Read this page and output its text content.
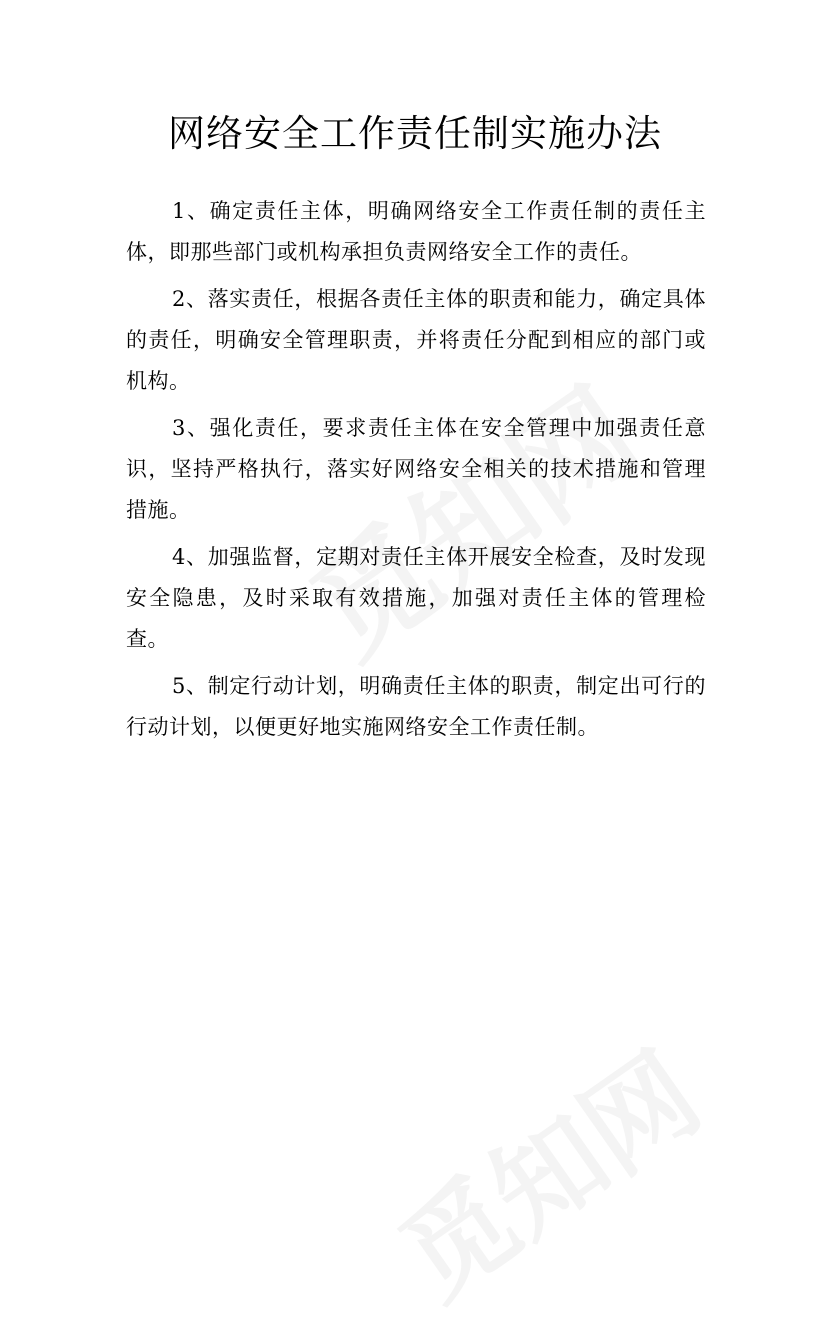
网络安全工作责任制实施办法

1、确定责任主体，明确网络安全工作责任制的责任主体，即那些部门或机构承担负责网络安全工作的责任。

2、落实责任，根据各责任主体的职责和能力，确定具体的责任，明确安全管理职责，并将责任分配到相应的部门或机构。

3、强化责任，要求责任主体在安全管理中加强责任意识，坚持严格执行，落实好网络安全相关的技术措施和管理措施。

4、加强监督，定期对责任主体开展安全检查，及时发现安全隐患，及时采取有效措施，加强对责任主体的管理检查。

5、制定行动计划，明确责任主体的职责，制定出可行的行动计划，以便更好地实施网络安全工作责任制。
